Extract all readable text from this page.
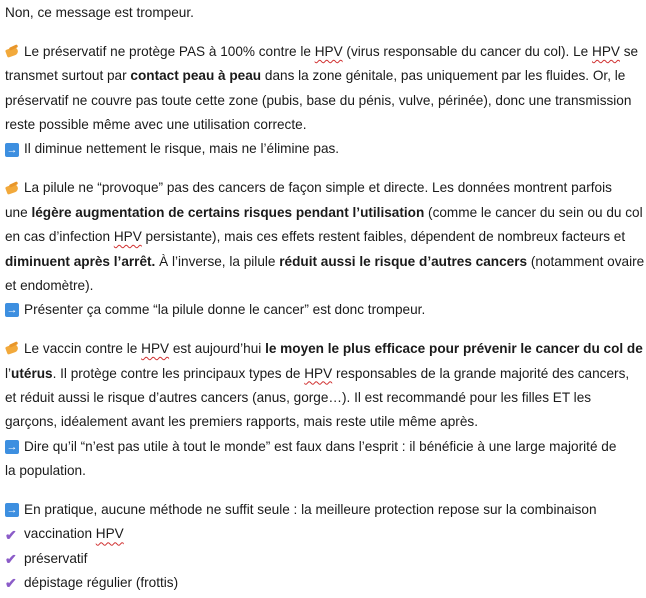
Non, ce message est trompeur.
Le préservatif ne protège PAS à 100% contre le HPV (virus responsable du cancer du col). Le HPV se
transmet surtout par contact peau à peau dans la zone génitale, pas uniquement par les fluides. Or, le
préservatif ne couvre pas toute cette zone (pubis, base du pénis, vulve, périnée), donc une transmission
reste possible même avec une utilisation correcte.
→ Il diminue nettement le risque, mais ne l’élimine pas.
La pilule ne “provoque” pas des cancers de façon simple et directe. Les données montrent parfois
une légère augmentation de certains risques pendant l’utilisation (comme le cancer du sein ou du col
en cas d’infection HPV persistante), mais ces effets restent faibles, dépendent de nombreux facteurs et
diminuent après l’arrêt. À l’inverse, la pilule réduit aussi le risque d’autres cancers (notamment ovaire
et endomètre).
→ Présenter ça comme “la pilule donne le cancer” est donc trompeur.
Le vaccin contre le HPV est aujourd’hui le moyen le plus efficace pour prévenir le cancer du col de
l’ utérus . Il protège contre les principaux types de HPV responsables de la grande majorité des cancers,
et réduit aussi le risque d’autres cancers (anus, gorge…). Il est recommandé pour les filles ET les
garçons, idéalement avant les premiers rapports, mais reste utile même après.
→ Dire qu’il “n’est pas utile à tout le monde” est faux dans l’esprit : il bénéficie à une large majorité de
la population.
→ En pratique, aucune méthode ne suffit seule : la meilleure protection repose sur la combinaison
✔ vaccination HPV
✔ préservatif
✔ dépistage régulier (frottis)
